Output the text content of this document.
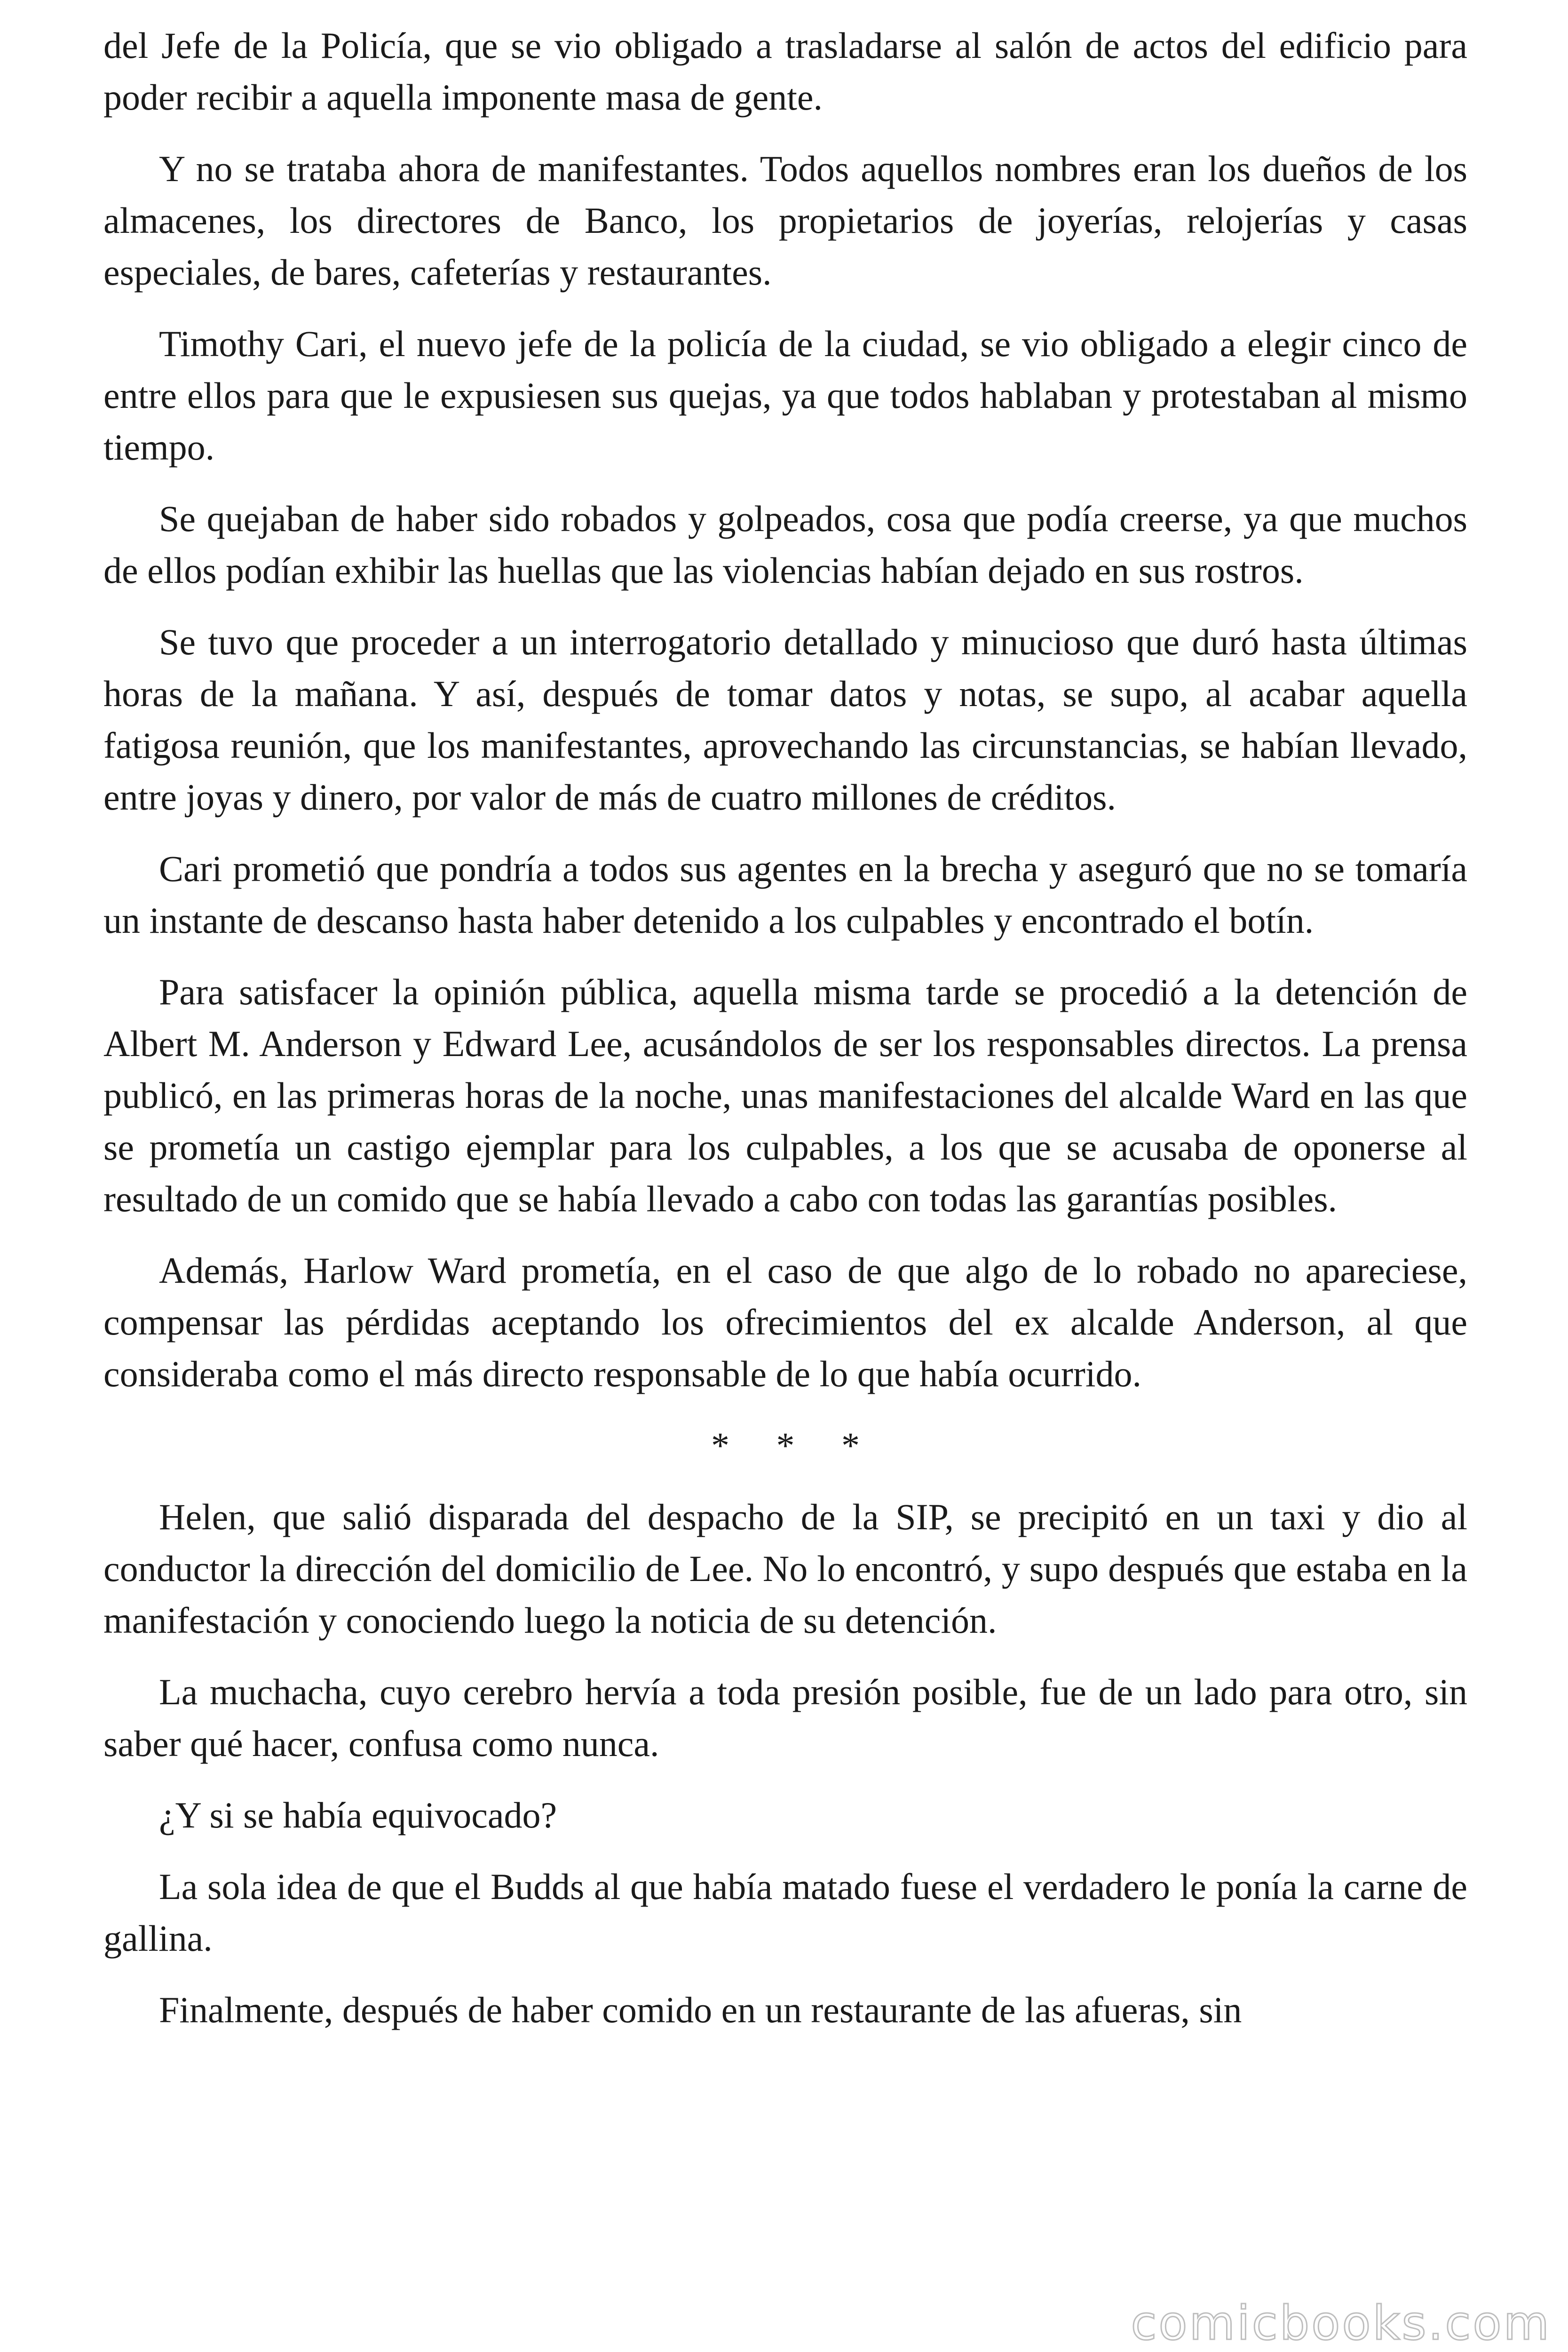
del Jefe de la Policía, que se vio obligado a trasladarse al salón de actos del edificio para poder recibir a aquella imponente masa de gente.

Y no se trataba ahora de manifestantes. Todos aquellos nombres eran los dueños de los almacenes, los directores de Banco, los propietarios de joyerías, relojerías y casas especiales, de bares, cafeterías y restaurantes.

Timothy Cari, el nuevo jefe de la policía de la ciudad, se vio obligado a elegir cinco de entre ellos para que le expusiesen sus quejas, ya que todos hablaban y protestaban al mismo tiempo.

Se quejaban de haber sido robados y golpeados, cosa que podía creerse, ya que muchos de ellos podían exhibir las huellas que las violencias habían dejado en sus rostros.

Se tuvo que proceder a un interrogatorio detallado y minucioso que duró hasta últimas horas de la mañana. Y así, después de tomar datos y notas, se supo, al acabar aquella fatigosa reunión, que los manifestantes, aprovechando las circunstancias, se habían llevado, entre joyas y dinero, por valor de más de cuatro millones de créditos.

Cari prometió que pondría a todos sus agentes en la brecha y aseguró que no se tomaría un instante de descanso hasta haber detenido a los culpables y encontrado el botín.

Para satisfacer la opinión pública, aquella misma tarde se procedió a la detención de Albert M. Anderson y Edward Lee, acusándolos de ser los responsables directos. La prensa publicó, en las primeras horas de la noche, unas manifestaciones del alcalde Ward en las que se prometía un castigo ejemplar para los culpables, a los que se acusaba de oponerse al resultado de un comido que se había llevado a cabo con todas las garantías posibles.

Además, Harlow Ward prometía, en el caso de que algo de lo robado no apareciese, compensar las pérdidas aceptando los ofrecimientos del ex alcalde Anderson, al que consideraba como el más directo responsable de lo que había ocurrido.

* * *

Helen, que salió disparada del despacho de la SIP, se precipitó en un taxi y dio al conductor la dirección del domicilio de Lee. No lo encontró, y supo después que estaba en la manifestación y conociendo luego la noticia de su detención.

La muchacha, cuyo cerebro hervía a toda presión posible, fue de un lado para otro, sin saber qué hacer, confusa como nunca.

¿Y si se había equivocado?

La sola idea de que el Budds al que había matado fuese el verdadero le ponía la carne de gallina.

Finalmente, después de haber comido en un restaurante de las afueras, sin

comicbooks.com
